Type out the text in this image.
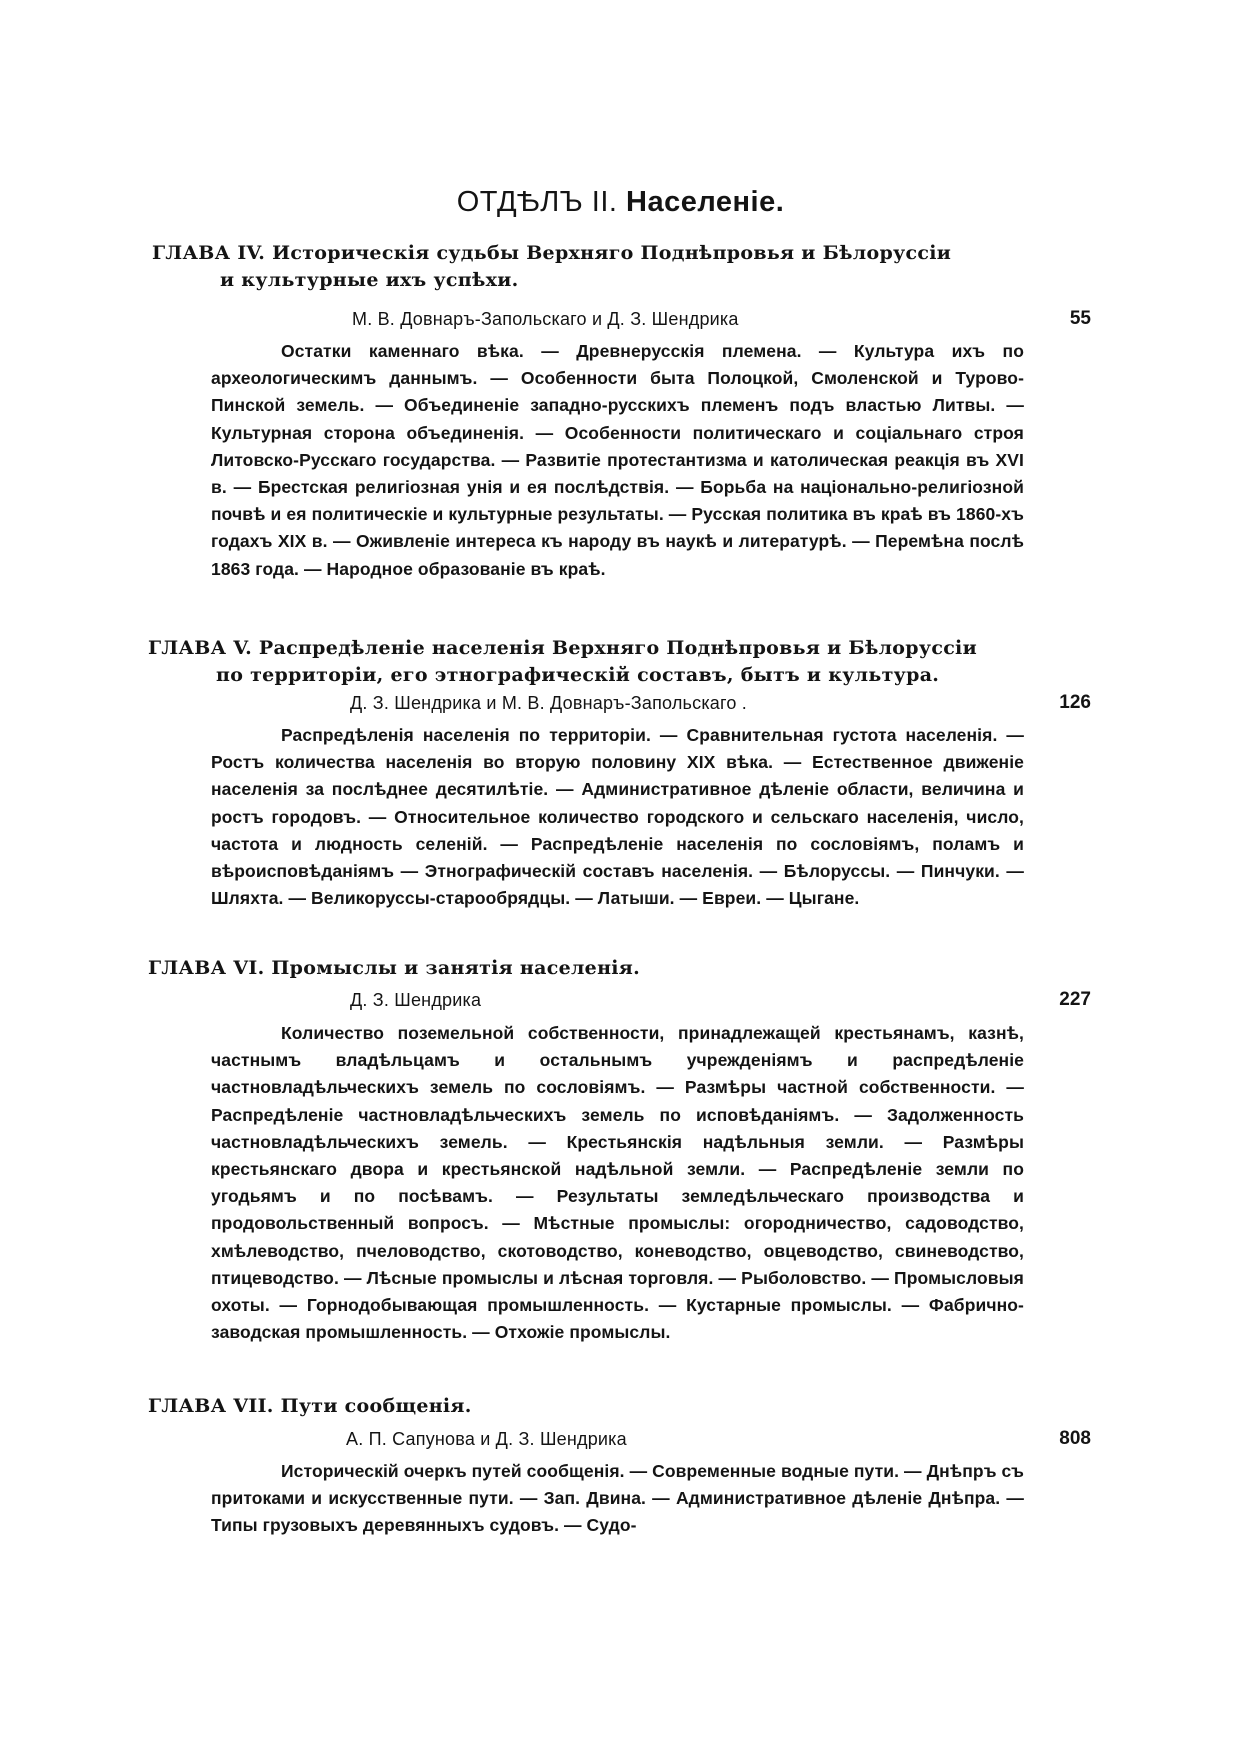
ОТДѢЛЪ II. Населеніе.
ГЛАВА IV. Историческія судьбы Верхняго Поднѣпровья и Бѣлоруссіи
и культурные ихъ успѣхи.
М. В. Довнаръ-Запольскаго и Д. З. Шендрика	55
Остатки каменнаго вѣка. — Древнерусскія племена. — Культура ихъ по археологическимъ даннымъ. — Особенности быта Полоцкой, Смоленской и Турово-Пинской земель. — Объединеніе западно-русскихъ племенъ подъ властью Литвы. — Культурная сторона объединенія. — Особенности политическаго и соціальнаго строя Литовско-Русскаго государства. — Развитіе протестантизма и католическая реакція въ XVI в. — Брестская религіозная унія и ея послѣдствія. — Борьба на національно-религіозной почвѣ и ея политическіе и культурные результаты. — Русская политика въ краѣ въ 1860-хъ годахъ XIX в. — Оживленіе интереса къ народу въ наукѣ и литературѣ. — Перемѣна послѣ 1863 года. — Народное образованіе въ краѣ.
ГЛАВА V. Распредѣленіе населенія Верхняго Поднѣпровья и Бѣлоруссіи
по территоріи, его этнографическій составъ, бытъ и культура.
Д. З. Шендрика и М. В. Довнаръ-Запольскаго .	126
Распредѣленія населенія по территоріи. — Сравнительная густота населенія. — Ростъ количества населенія во вторую половину XIX вѣка. — Естественное движеніе населенія за послѣднее десятилѣтіе. — Административное дѣленіе области, величина и ростъ городовъ. — Относительное количество городского и сельскаго населенія, число, частота и людность селеній. — Распредѣленіе населенія по сословіямъ, поламъ и вѣроисповѣданіямъ — Этнографическій составъ населенія. — Бѣлоруссы. — Пинчуки. — Шляхта. — Великоруссы-старообрядцы. — Латыши. — Евреи. — Цыгане.
ГЛАВА VI. Промыслы и занятія населенія.
Д. З. Шендрика	227
Количество поземельной собственности, принадлежащей крестьянамъ, казнѣ, частнымъ владѣльцамъ и остальнымъ учрежденіямъ и распредѣленіе частновладѣльческихъ земель по сословіямъ. — Размѣры частной собственности. — Распредѣленіе частновладѣльческихъ земель по исповѣданіямъ. — Задолженность частновладѣльческихъ земель. — Крестьянскія надѣльныя земли. — Размѣры крестьянскаго двора и крестьянской надѣльной земли. — Распредѣленіе земли по угодьямъ и по посѣвамъ. — Результаты земледѣльческаго производства и продовольственный вопросъ. — Мѣстные промыслы: огородничество, садоводство, хмѣлеводство, пчеловодство, скотоводство, коневодство, овцеводство, свиневодство, птицеводство. — Лѣсные промыслы и лѣсная торговля. — Рыболовство. — Промысловыя охоты. — Горнодобывающая промышленность. — Кустарные промыслы. — Фабрично-заводская промышленность. — Отхожіе промыслы.
ГЛАВА VII. Пути сообщенія.
А. П. Сапунова и Д. З. Шендрика	808
Историческій очеркъ путей сообщенія. — Современные водные пути. — Днѣпръ съ притоками и искусственные пути. — Зап. Двина. — Административное дѣленіе Днѣпра. — Типы грузовыхъ деревянныхъ судовъ. — Судо-
